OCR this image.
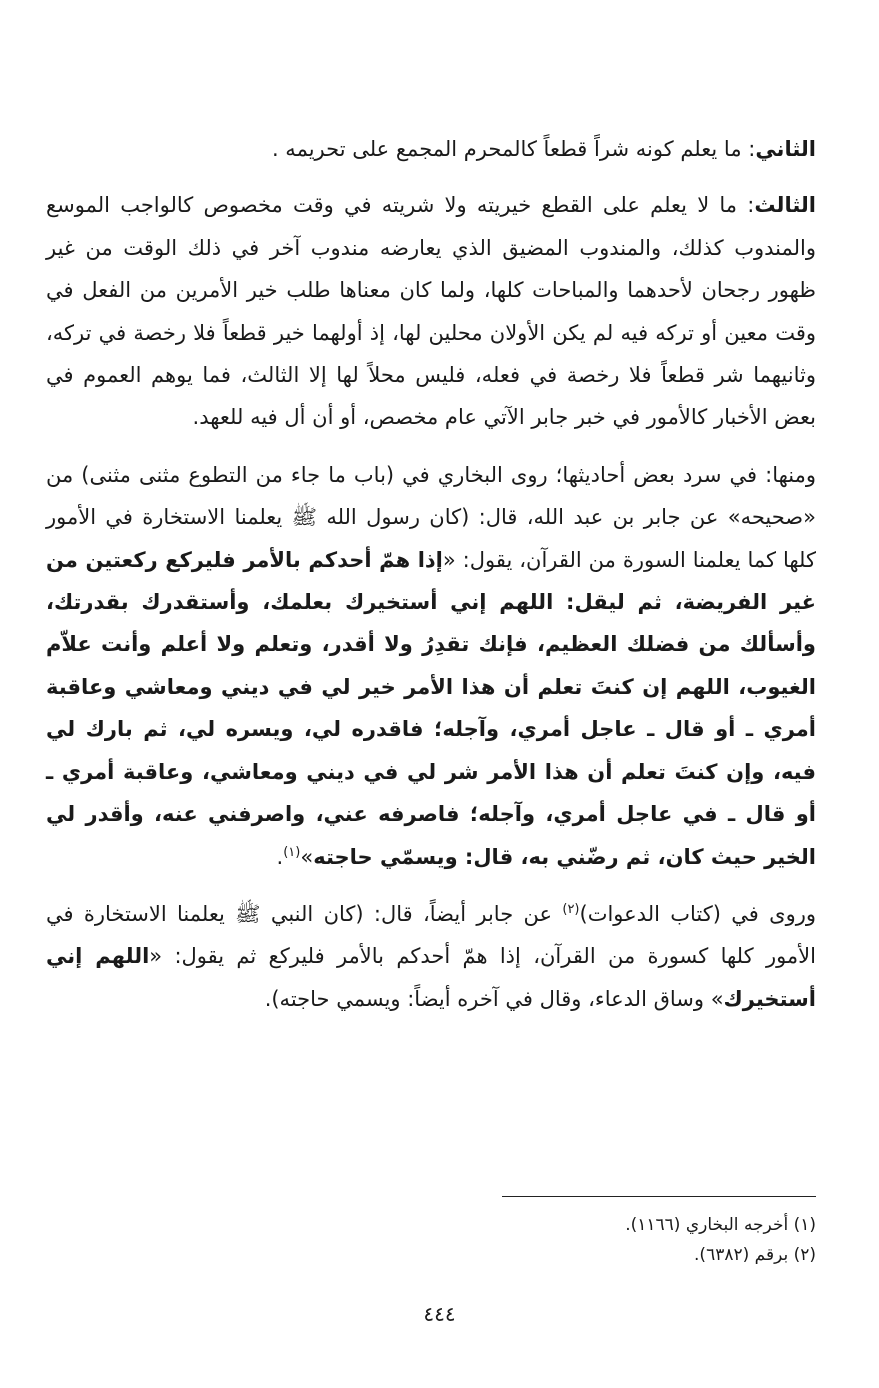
الثاني: ما يعلم كونه شراً قطعاً كالمحرم المجمع على تحريمه .

الثالث: ما لا يعلم على القطع خيريته ولا شريته في وقت مخصوص كالواجب الموسع والمندوب كذلك، والمندوب المضيق الذي يعارضه مندوب آخر في ذلك الوقت من غير ظهور رجحان لأحدهما والمباحات كلها، ولما كان معناها طلب خير الأمرين من الفعل في وقت معين أو تركه فيه لم يكن الأولان محلين لها، إذ أولهما خير قطعاً فلا رخصة في تركه، وثانيهما شر قطعاً فلا رخصة في فعله، فليس محلاً لها إلا الثالث، فما يوهم العموم في بعض الأخبار كالأمور في خبر جابر الآتي عام مخصص، أو أن أل فيه للعهد.

ومنها: في سرد بعض أحاديثها؛ روى البخاري في (باب ما جاء من التطوع مثنى مثنى) من «صحيحه» عن جابر بن عبد الله، قال: (كان رسول الله ﷺ يعلمنا الاستخارة في الأمور كلها كما يعلمنا السورة من القرآن، يقول: «إذا همّ أحدكم بالأمر فليركع ركعتين من غير الفريضة، ثم ليقل: اللهم إني أستخيرك بعلمك، وأستقدرك بقدرتك، وأسألك من فضلك العظيم، فإنك تقدِرُ ولا أقدر، وتعلم ولا أعلم وأنت علاّم الغيوب، اللهم إن كنتَ تعلم أن هذا الأمر خير لي في ديني ومعاشي وعاقبة أمري ـ أو قال ـ عاجل أمري، وآجله؛ فاقدره لي، ويسره لي، ثم بارك لي فيه، وإن كنتَ تعلم أن هذا الأمر شر لي في ديني ومعاشي، وعاقبة أمري ـ أو قال ـ في عاجل أمري، وآجله؛ فاصرفه عني، واصرفني عنه، وأقدر لي الخير حيث كان، ثم رضّني به، قال: ويسمّي حاجته»$^{(١)}$.

وروى في (كتاب الدعوات)$^{(٢)}$ عن جابر أيضاً، قال: (كان النبي ﷺ يعلمنا الاستخارة في الأمور كلها كسورة من القرآن، إذا همّ أحدكم بالأمر فليركع ثم يقول: «اللهم إني أستخيرك» وساق الدعاء، وقال في آخره أيضاً: ويسمي حاجته).

(١) أخرجه البخاري (١١٦٦).

(٢) برقم (٦٣٨٢).

٤٤٤
